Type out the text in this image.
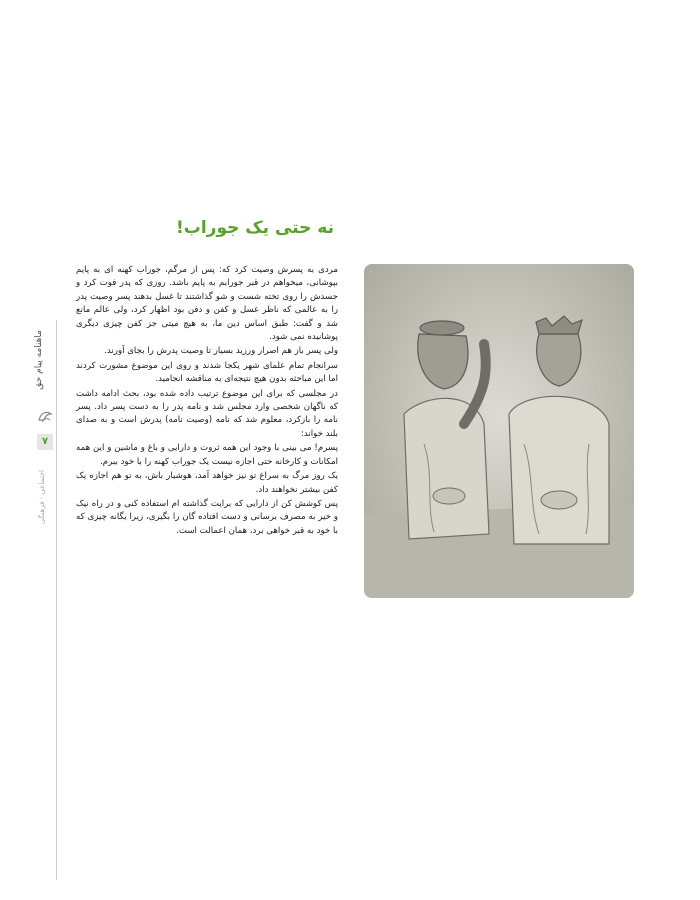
ماهنامه پیام حق
۷
اجتماعی - فرهنگی
نه حتی یک جوراب!

مردی به پسرش وصیت کرد که: پس از مرگم، جوراب کهنه ای به پایم بپوشانی، میخواهم در قبر جورابم به پایم باشد. روزی که پدر فوت کرد و جسدش را روی تخته شست و شو گذاشتند تا غسل بدهند پسر وصیت پدر را به عالمی که ناظر غسل و کفن و دفن بود اظهار کرد، ولی عالم مانع شد و گفت: طبق اساس دین ما، به هیچ میتی جز کفن چیزی دیگری پوشانیده نمی شود.

ولی پسر باز هم اصرار ورزید بسیار تا وصیت پدرش را بجای آورند.

سرانجام تمام علمای شهر یکجا شدند و روی این موضوع مشورت کردند اما این مباحثه بدون هیچ نتیجه‌ای به مناقشه انجامید.

در مجلسی که برای این موضوع ترتیب داده شده بود، بحث ادامه داشت که ناگهان شخصی وارد مجلس شد و نامه پدر را به دست پسر داد. پسر نامه را بازکرد، معلوم شد که نامه (وصیت نامه) پدرش است و به صدای بلند خواند:

پسرم! می بینی با وجود این همه ثروت و دارایی و باغ و ماشین و این همه امکانات و کارخانه حتی اجازه نیست یک جوراب کهنه را با خود ببرم.

یک روز مرگ به سراغ تو نیز خواهد آمد، هوشیار باش، به تو هم اجازه یک کفن بیشتر نخواهند داد.

پس کوشش کن از دارایی که برایت گذاشته ام استفاده کنی و در راه نیک و خیر به مصرف برسانی و دست افتاده گان را بگیری، زیرا یگانه چیزی که با خود به قبر خواهی برد، همان اعمالت است.
